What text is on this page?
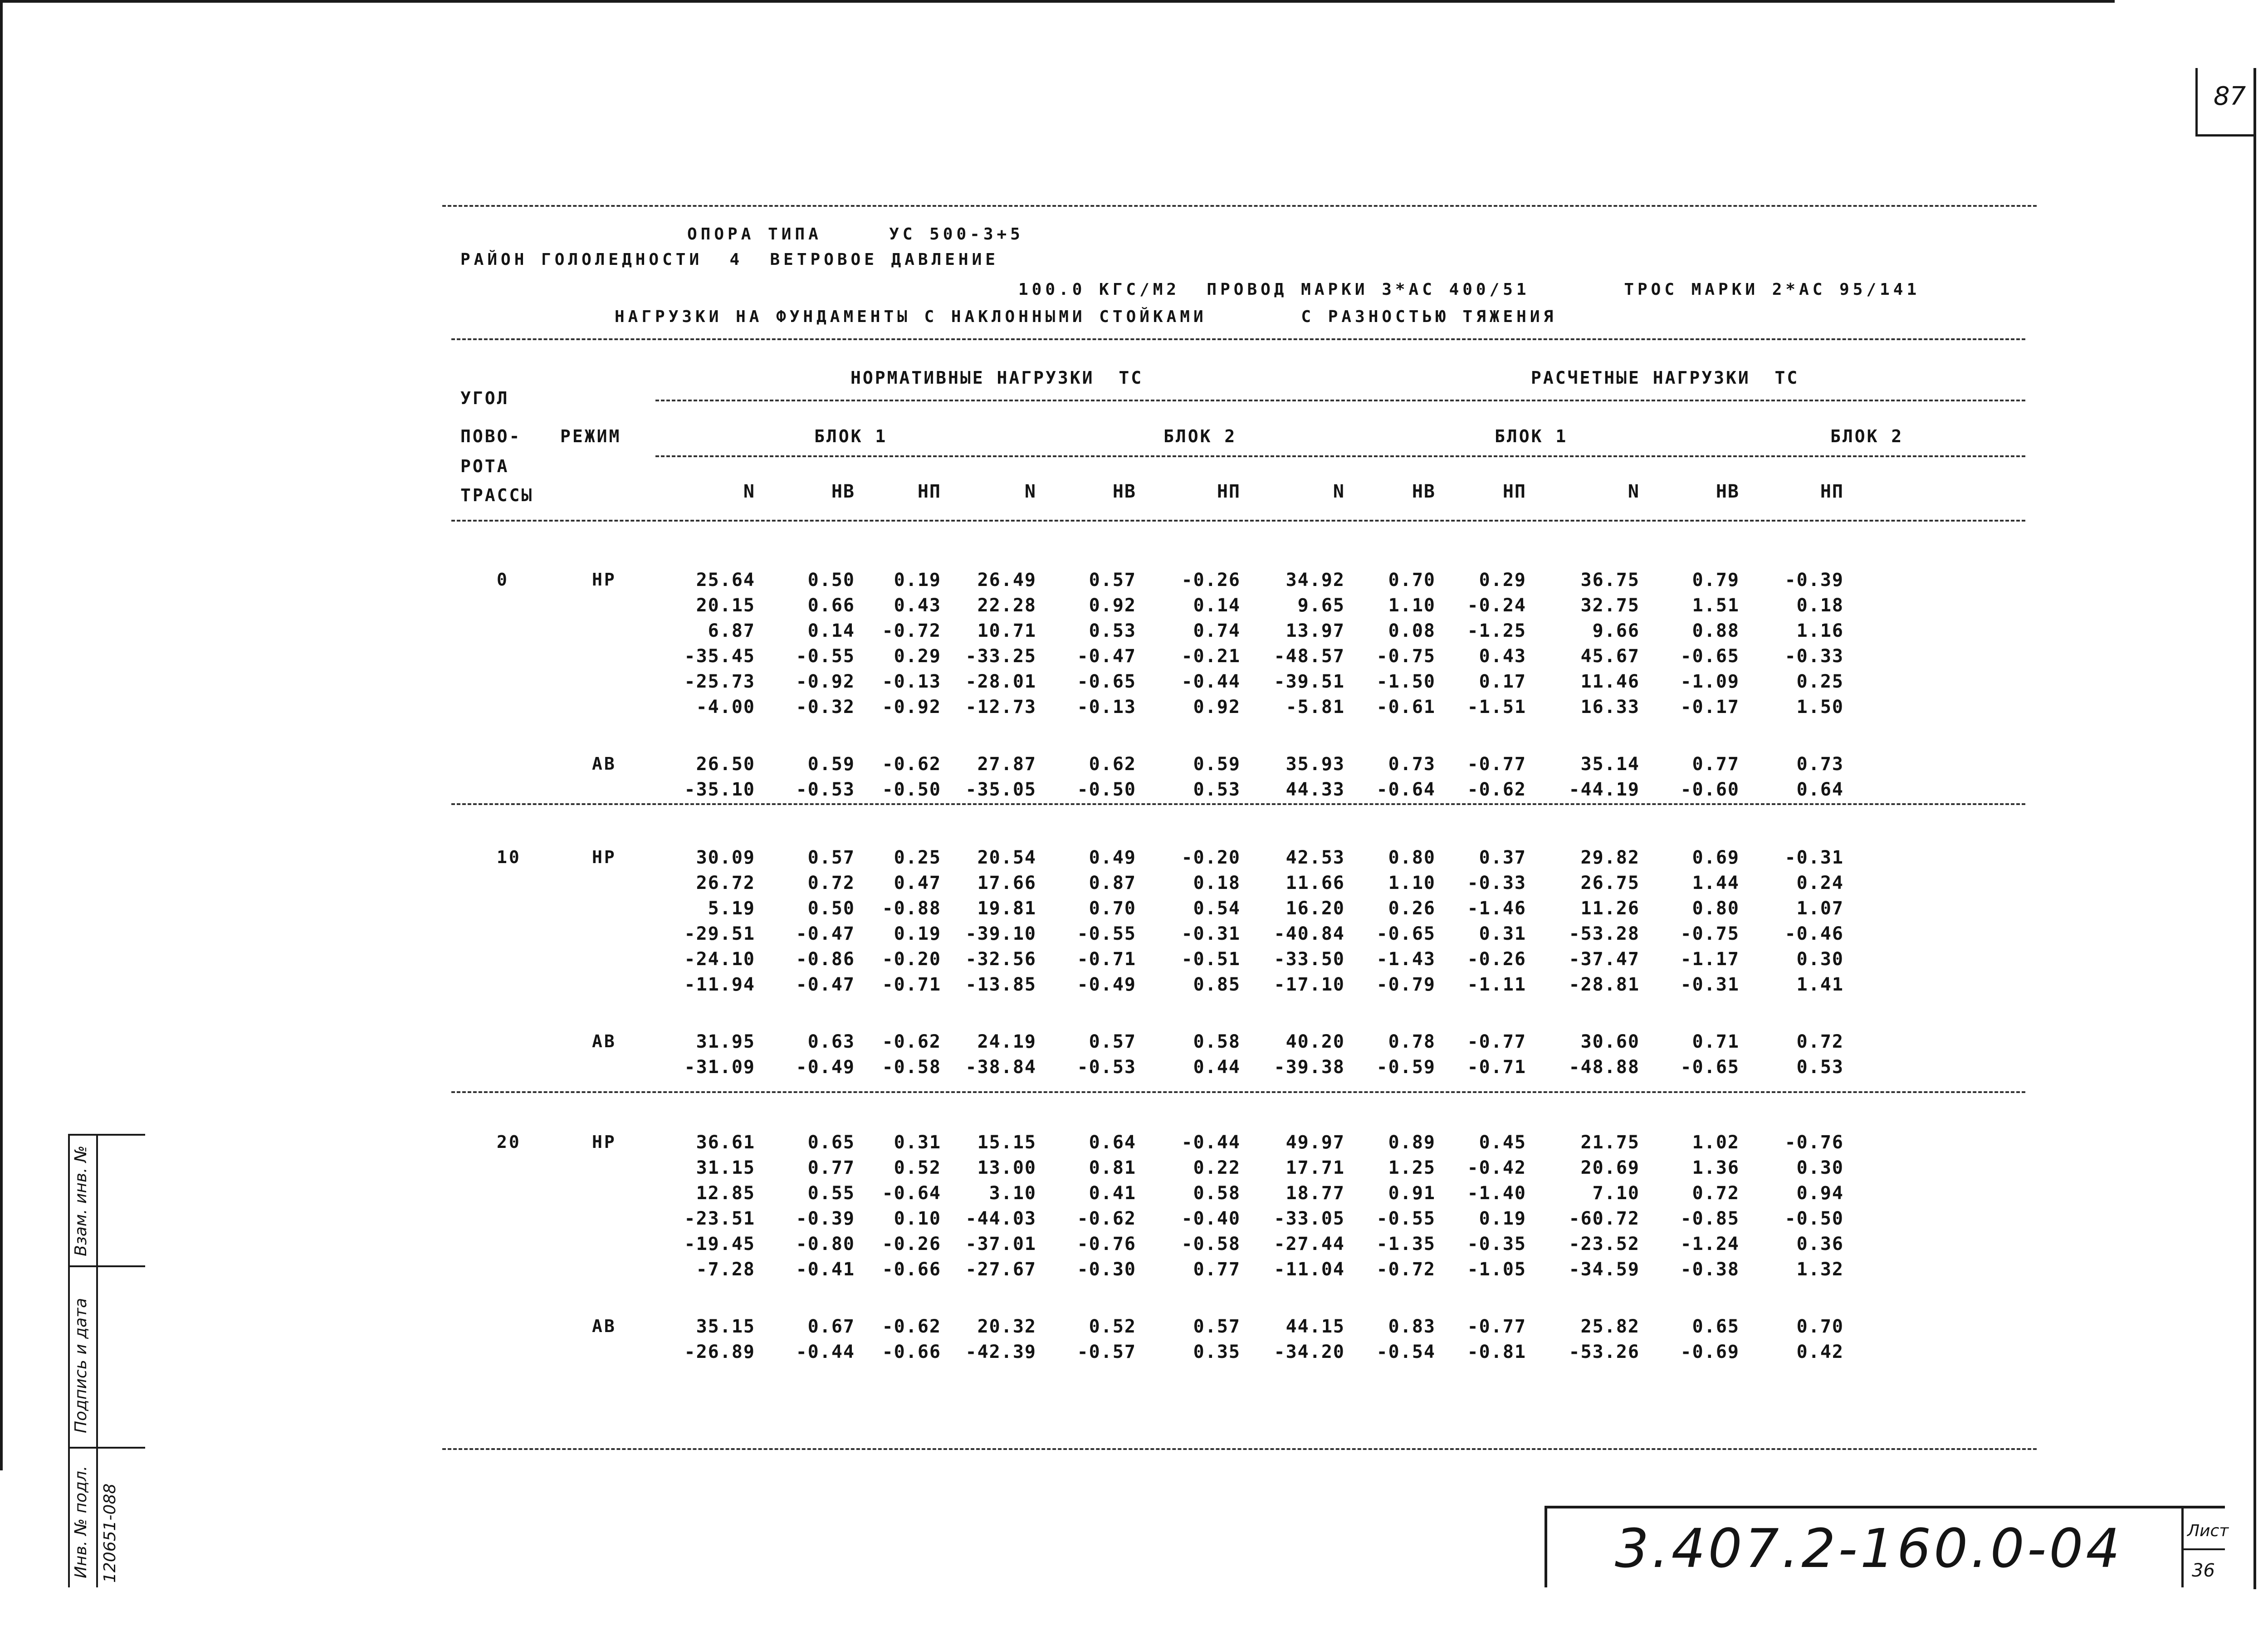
87
Взам. инв. №
Подпись и дата
Инв. № подл. 120651-088
ОПОРА ТИПА     УС 500-3+5
РАЙОН ГОЛОЛЕДНОСТИ  4  ВЕТРОВОЕ ДАВЛЕНИЕ
100.0 КГС/М2  ПРОВОД МАРКИ 3*АС 400/51       ТРОС МАРКИ 2*АС 95/141
НАГРУЗКИ НА ФУНДАМЕНТЫ С НАКЛОННЫМИ СТОЙКАМИ       С РАЗНОСТЬЮ ТЯЖЕНИЯ
УГОЛ
ПОВО-
РОТА
ТРАССЫ
РЕЖИМ
НОРМАТИВНЫЕ НАГРУЗКИ  ТС	РАСЧЕТНЫЕ НАГРУЗКИ  ТС
БЛОК 1	БЛОК 2	БЛОК 1	БЛОК 2
N	НВ	НП	N	НВ	НП	N	НВ	НП	N	НВ	НП
0	НР	25.64	0.50	0.19	26.49	0.57	-0.26	34.92	0.70	0.29	36.75	0.79	-0.39
20.15	0.66	0.43	22.28	0.92	0.14	9.65	1.10	-0.24	32.75	1.51	0.18
6.87	0.14	-0.72	10.71	0.53	0.74	13.97	0.08	-1.25	9.66	0.88	1.16
-35.45	-0.55	0.29	-33.25	-0.47	-0.21	-48.57	-0.75	0.43	45.67	-0.65	-0.33
-25.73	-0.92	-0.13	-28.01	-0.65	-0.44	-39.51	-1.50	0.17	11.46	-1.09	0.25
-4.00	-0.32	-0.92	-12.73	-0.13	0.92	-5.81	-0.61	-1.51	16.33	-0.17	1.50
АВ	26.50	0.59	-0.62	27.87	0.62	0.59	35.93	0.73	-0.77	35.14	0.77	0.73
-35.10	-0.53	-0.50	-35.05	-0.50	0.53	44.33	-0.64	-0.62	-44.19	-0.60	0.64
10	НР	30.09	0.57	0.25	20.54	0.49	-0.20	42.53	0.80	0.37	29.82	0.69	-0.31
26.72	0.72	0.47	17.66	0.87	0.18	11.66	1.10	-0.33	26.75	1.44	0.24
5.19	0.50	-0.88	19.81	0.70	0.54	16.20	0.26	-1.46	11.26	0.80	1.07
-29.51	-0.47	0.19	-39.10	-0.55	-0.31	-40.84	-0.65	0.31	-53.28	-0.75	-0.46
-24.10	-0.86	-0.20	-32.56	-0.71	-0.51	-33.50	-1.43	-0.26	-37.47	-1.17	0.30
-11.94	-0.47	-0.71	-13.85	-0.49	0.85	-17.10	-0.79	-1.11	-28.81	-0.31	1.41
АВ	31.95	0.63	-0.62	24.19	0.57	0.58	40.20	0.78	-0.77	30.60	0.71	0.72
-31.09	-0.49	-0.58	-38.84	-0.53	0.44	-39.38	-0.59	-0.71	-48.88	-0.65	0.53
20	НР	36.61	0.65	0.31	15.15	0.64	-0.44	49.97	0.89	0.45	21.75	1.02	-0.76
31.15	0.77	0.52	13.00	0.81	0.22	17.71	1.25	-0.42	20.69	1.36	0.30
12.85	0.55	-0.64	3.10	0.41	0.58	18.77	0.91	-1.40	7.10	0.72	0.94
-23.51	-0.39	0.10	-44.03	-0.62	-0.40	-33.05	-0.55	0.19	-60.72	-0.85	-0.50
-19.45	-0.80	-0.26	-37.01	-0.76	-0.58	-27.44	-1.35	-0.35	-23.52	-1.24	0.36
-7.28	-0.41	-0.66	-27.67	-0.30	0.77	-11.04	-0.72	-1.05	-34.59	-0.38	1.32
АВ	35.15	0.67	-0.62	20.32	0.52	0.57	44.15	0.83	-0.77	25.82	0.65	0.70
-26.89	-0.44	-0.66	-42.39	-0.57	0.35	-34.20	-0.54	-0.81	-53.26	-0.69	0.42
3.407.2-160.0-04	Лист
36
